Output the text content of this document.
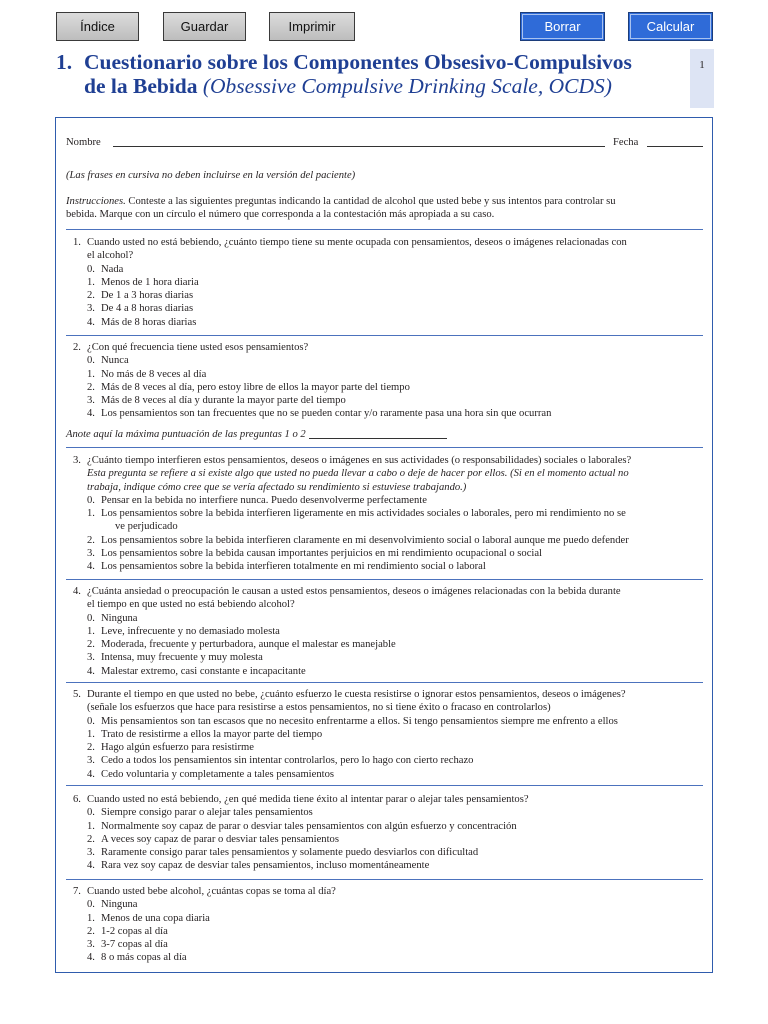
Índice	Guardar	Imprimir	Borrar	Calcular
1. Cuestionario sobre los Componentes Obsesivo-Compulsivos
de la Bebida (Obsessive Compulsive Drinking Scale, OCDS)
1
Nombre	Fecha
(Las frases en cursiva no deben incluirse en la versión del paciente)
Instrucciones. Conteste a las siguientes preguntas indicando la cantidad de alcohol que usted bebe y sus intentos para controlar su
bebida. Marque con un círculo el número que corresponda a la contestación más apropiada a su caso.
1. Cuando usted no está bebiendo, ¿cuánto tiempo tiene su mente ocupada con pensamientos, deseos o imágenes relacionadas con
el alcohol?
0. Nada
1. Menos de 1 hora diaria
2. De 1 a 3 horas diarias
3. De 4 a 8 horas diarias
4. Más de 8 horas diarias
2. ¿Con qué frecuencia tiene usted esos pensamientos?
0. Nunca
1. No más de 8 veces al día
2. Más de 8 veces al día, pero estoy libre de ellos la mayor parte del tiempo
3. Más de 8 veces al día y durante la mayor parte del tiempo
4. Los pensamientos son tan frecuentes que no se pueden contar y/o raramente pasa una hora sin que ocurran
Anote aquí la máxima puntuación de las preguntas 1 o 2
3. ¿Cuánto tiempo interfieren estos pensamientos, deseos o imágenes en sus actividades (o responsabilidades) sociales o laborales?
Esta pregunta se refiere a si existe algo que usted no pueda llevar a cabo o deje de hacer por ellos. (Si en el momento actual no
trabaja, indique cómo cree que se vería afectado su rendimiento si estuviese trabajando.)
0. Pensar en la bebida no interfiere nunca. Puedo desenvolverme perfectamente
1. Los pensamientos sobre la bebida interfieren ligeramente en mis actividades sociales o laborales, pero mi rendimiento no se
ve perjudicado
2. Los pensamientos sobre la bebida interfieren claramente en mi desenvolvimiento social o laboral aunque me puedo defender
3. Los pensamientos sobre la bebida causan importantes perjuicios en mi rendimiento ocupacional o social
4. Los pensamientos sobre la bebida interfieren totalmente en mi rendimiento social o laboral
4. ¿Cuánta ansiedad o preocupación le causan a usted estos pensamientos, deseos o imágenes relacionadas con la bebida durante
el tiempo en que usted no está bebiendo alcohol?
0. Ninguna
1. Leve, infrecuente y no demasiado molesta
2. Moderada, frecuente y perturbadora, aunque el malestar es manejable
3. Intensa, muy frecuente y muy molesta
4. Malestar extremo, casi constante e incapacitante
5. Durante el tiempo en que usted no bebe, ¿cuánto esfuerzo le cuesta resistirse o ignorar estos pensamientos, deseos o imágenes?
(señale los esfuerzos que hace para resistirse a estos pensamientos, no si tiene éxito o fracaso en controlarlos)
0. Mis pensamientos son tan escasos que no necesito enfrentarme a ellos. Si tengo pensamientos siempre me enfrento a ellos
1. Trato de resistirme a ellos la mayor parte del tiempo
2. Hago algún esfuerzo para resistirme
3. Cedo a todos los pensamientos sin intentar controlarlos, pero lo hago con cierto rechazo
4. Cedo voluntaria y completamente a tales pensamientos
6. Cuando usted no está bebiendo, ¿en qué medida tiene éxito al intentar parar o alejar tales pensamientos?
0. Siempre consigo parar o alejar tales pensamientos
1. Normalmente soy capaz de parar o desviar tales pensamientos con algún esfuerzo y concentración
2. A veces soy capaz de parar o desviar tales pensamientos
3. Raramente consigo parar tales pensamientos y solamente puedo desviarlos con dificultad
4. Rara vez soy capaz de desviar tales pensamientos, incluso momentáneamente
7. Cuando usted bebe alcohol, ¿cuántas copas se toma al día?
0. Ninguna
1. Menos de una copa diaria
2. 1-2 copas al día
3. 3-7 copas al día
4. 8 o más copas al día
